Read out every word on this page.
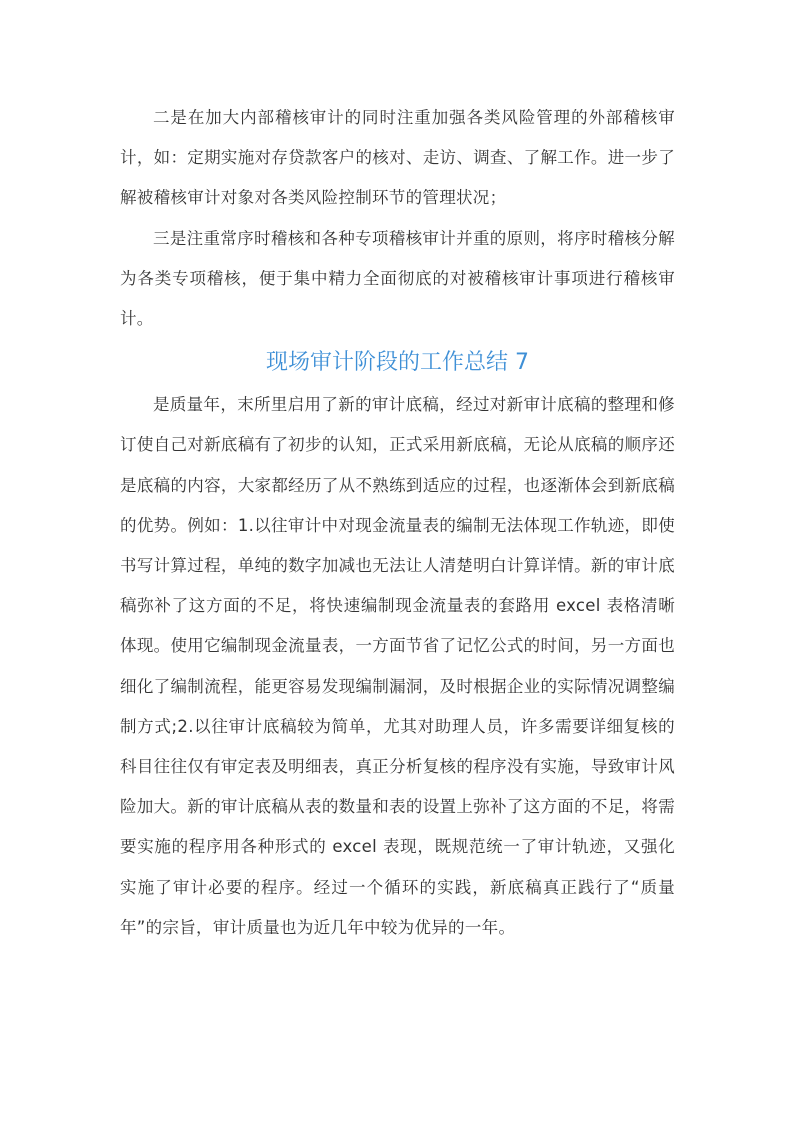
二是在加大内部稽核审计的同时注重加强各类风险管理的外部稽核审计，如：定期实施对存贷款客户的核对、走访、调查、了解工作。进一步了解被稽核审计对象对各类风险控制环节的管理状况；

三是注重常序时稽核和各种专项稽核审计并重的原则，将序时稽核分解为各类专项稽核，便于集中精力全面彻底的对被稽核审计事项进行稽核审计。

现场审计阶段的工作总结 7

是质量年，末所里启用了新的审计底稿，经过对新审计底稿的整理和修订使自己对新底稿有了初步的认知，正式采用新底稿，无论从底稿的顺序还是底稿的内容，大家都经历了从不熟练到适应的过程，也逐渐体会到新底稿的优势。例如：1.以往审计中对现金流量表的编制无法体现工作轨迹，即使书写计算过程，单纯的数字加减也无法让人清楚明白计算详情。新的审计底稿弥补了这方面的不足，将快速编制现金流量表的套路用 excel 表格清晰体现。使用它编制现金流量表，一方面节省了记忆公式的时间，另一方面也细化了编制流程，能更容易发现编制漏洞，及时根据企业的实际情况调整编制方式;2.以往审计底稿较为简单，尤其对助理人员，许多需要详细复核的科目往往仅有审定表及明细表，真正分析复核的程序没有实施，导致审计风险加大。新的审计底稿从表的数量和表的设置上弥补了这方面的不足，将需要实施的程序用各种形式的 excel 表现，既规范统一了审计轨迹，又强化实施了审计必要的程序。经过一个循环的实践，新底稿真正践行了“质量年”的宗旨，审计质量也为近几年中较为优异的一年。
